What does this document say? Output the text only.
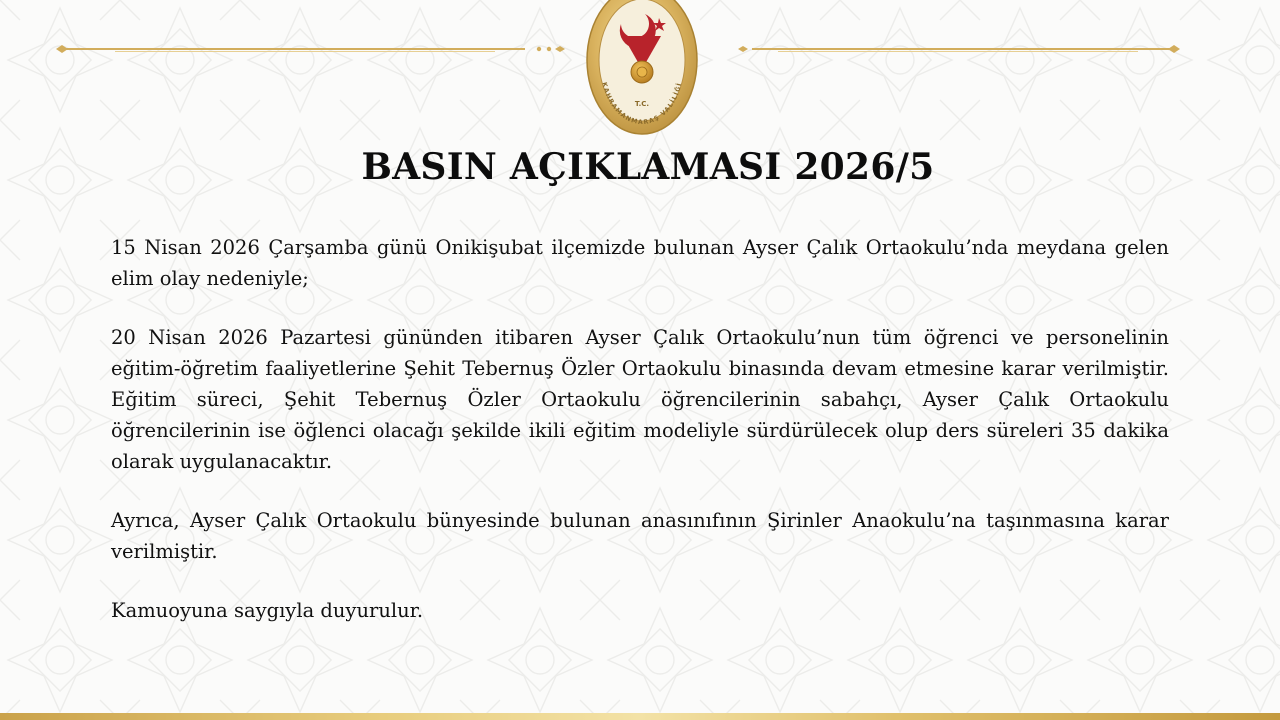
T.C.
KAHRAMANMARAŞ VALİLİĞİ
BASIN AÇIKLAMASI 2026/5

15 Nisan 2026 Çarşamba günü Onikişubat ilçemizde bulunan Ayser Çalık Ortaokulu’nda meydana gelen elim olay nedeniyle;

20 Nisan 2026 Pazartesi gününden itibaren Ayser Çalık Ortaokulu’nun tüm öğrenci ve personelinin eğitim-öğretim faaliyetlerine Şehit Tebernuş Özler Ortaokulu binasında devam etmesine karar verilmiştir. Eğitim süreci, Şehit Tebernuş Özler Ortaokulu öğrencilerinin sabahçı, Ayser Çalık Ortaokulu öğrencilerinin ise öğlenci olacağı şekilde ikili eğitim modeliyle sürdürülecek olup ders süreleri 35 dakika olarak uygulanacaktır.

Ayrıca, Ayser Çalık Ortaokulu bünyesinde bulunan anasınıfının Şirinler Anaokulu’na taşınmasına karar verilmiştir.

Kamuoyuna saygıyla duyurulur.
